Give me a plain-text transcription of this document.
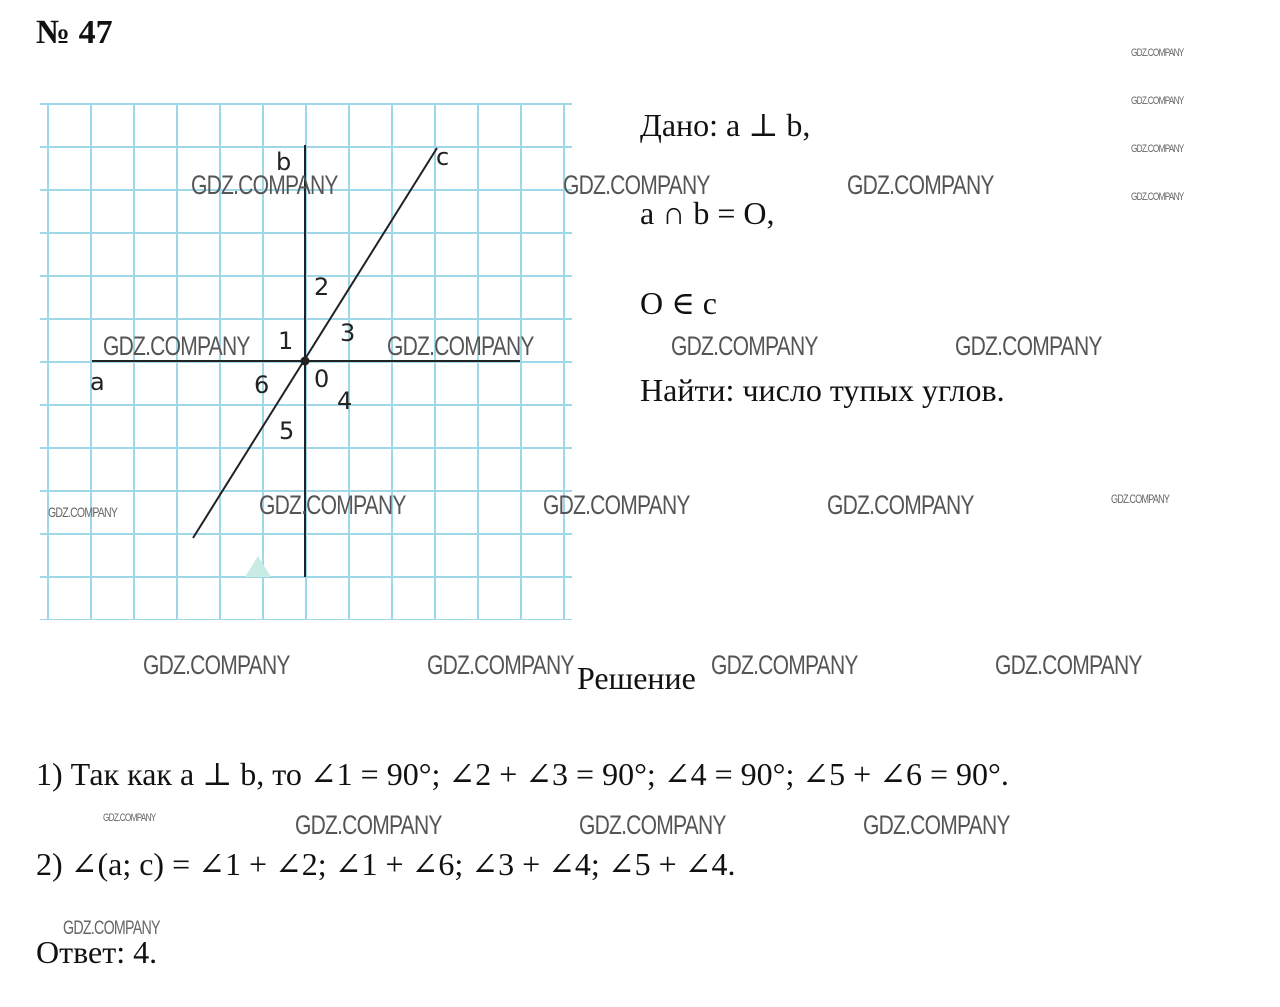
№ 47
a
b	c
0
1
2
3
4
5
6
Дано: a ⊥ b,
a ∩ b = O,
O ∈ c
Найти: число тупых углов.
Решение
1) Так как a ⊥ b, то ∠1 = 90°; ∠2 + ∠3 = 90°; ∠4 = 90°; ∠5 + ∠6 = 90°.
2) ∠(a; c) = ∠1 + ∠2; ∠1 + ∠6; ∠3 + ∠4; ∠5 + ∠4.
Ответ: 4.
GDZ.COMPANY	GDZ.COMPANY	GDZ.COMPANY
GDZ.COMPANY	GDZ.COMPANY	GDZ.COMPANY	GDZ.COMPANY
GDZ.COMPANY	GDZ.COMPANY	GDZ.COMPANY
GDZ.COMPANY	GDZ.COMPANY	GDZ.COMPANY	GDZ.COMPANY
GDZ.COMPANY	GDZ.COMPANY	GDZ.COMPANY
GDZ.COMPANY
GDZ.COMPANY
GDZ.COMPANY
GDZ.COMPANY
GDZ.COMPANY
GDZ.COMPANY
GDZ.COMPANY
GDZ.COMPANY
